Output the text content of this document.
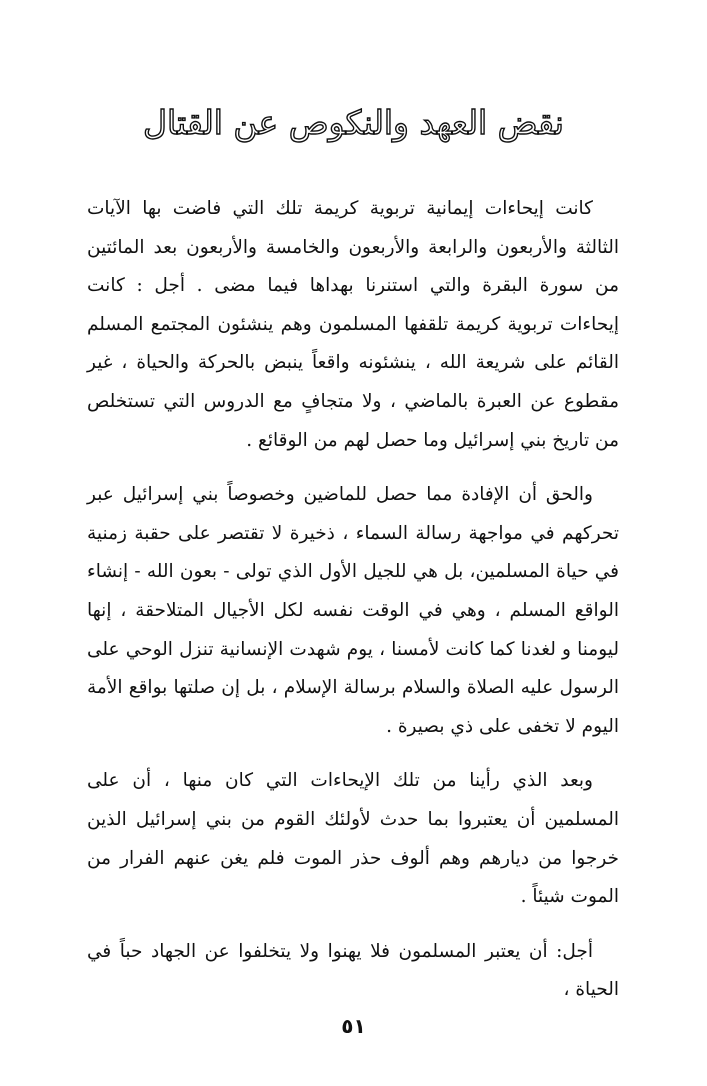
نقض العهد والنكوص عن القتال

كانت إيحاءات إيمانية تربوية كريمة تلك التي فاضت بها الآيات الثالثة والأربعون والرابعة والأربعون والخامسة والأربعون بعد المائتين من سورة البقرة والتي استنرنا بهداها فيما مضى . أجل : كانت إيحاءات تربوية كريمة تلقفها المسلمون وهم ينشئون المجتمع المسلم القائم على شريعة الله ، ينشئونه واقعاً ينبض بالحركة والحياة ، غير مقطوع عن العبرة بالماضي ، ولا متجافٍ مع الدروس التي تستخلص من تاريخ بني إسرائيل وما حصل لهم من الوقائع .

والحق أن الإفادة مما حصل للماضين وخصوصاً بني إسرائيل عبر تحركهم في مواجهة رسالة السماء ، ذخيرة لا تقتصر على حقبة زمنية في حياة المسلمين، بل هي للجيل الأول الذي تولى - بعون الله - إنشاء الواقع المسلم ، وهي في الوقت نفسه لكل الأجيال المتلاحقة ، إنها ليومنا و لغدنا كما كانت لأمسنا ، يوم شهدت الإنسانية تنزل الوحي على الرسول عليه الصلاة والسلام برسالة الإسلام ، بل إن صلتها بواقع الأمة اليوم لا تخفى على ذي بصيرة .

وبعد الذي رأينا من تلك الإيحاءات التي كان منها ، أن على المسلمين أن يعتبروا بما حدث لأولئك القوم من بني إسرائيل الذين خرجوا من ديارهم وهم ألوف حذر الموت فلم يغن عنهم الفرار من الموت شيئاً .

أجل: أن يعتبر المسلمون فلا يهنوا ولا يتخلفوا عن الجهاد حباً في الحياة ،

٥١
